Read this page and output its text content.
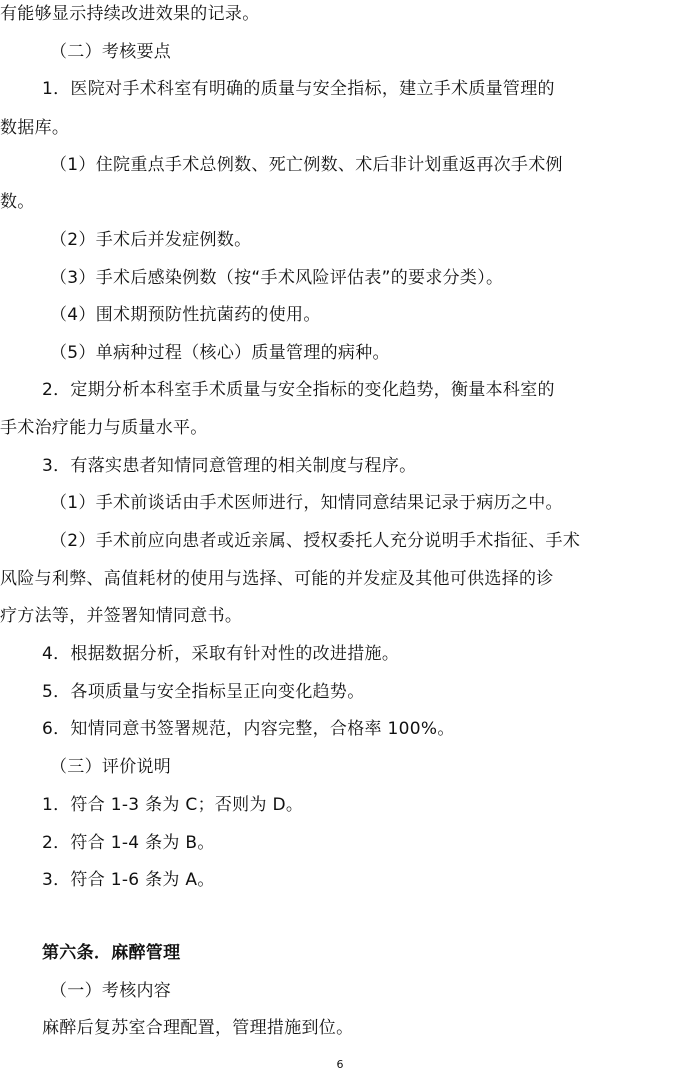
有能够显示持续改进效果的记录。

（二）考核要点

1．医院对手术科室有明确的质量与安全指标，建立手术质量管理的

数据库。

（1）住院重点手术总例数、死亡例数、术后非计划重返再次手术例

数。

（2）手术后并发症例数。

（3）手术后感染例数（按“手术风险评估表”的要求分类）。

（4）围术期预防性抗菌药的使用。

（5）单病种过程（核心）质量管理的病种。

2．定期分析本科室手术质量与安全指标的变化趋势，衡量本科室的

手术治疗能力与质量水平。

3．有落实患者知情同意管理的相关制度与程序。

（1）手术前谈话由手术医师进行，知情同意结果记录于病历之中。

（2）手术前应向患者或近亲属、授权委托人充分说明手术指征、手术

风险与利弊、高值耗材的使用与选择、可能的并发症及其他可供选择的诊

疗方法等，并签署知情同意书。

4．根据数据分析，采取有针对性的改进措施。

5．各项质量与安全指标呈正向变化趋势。

6．知情同意书签署规范，内容完整，合格率 100%。

（三）评价说明

1．符合 1-3 条为 C；否则为 D。

2．符合 1-4 条为 B。

3．符合 1-6 条为 A。

第六条．麻醉管理

（一）考核内容

麻醉后复苏室合理配置，管理措施到位。

6
